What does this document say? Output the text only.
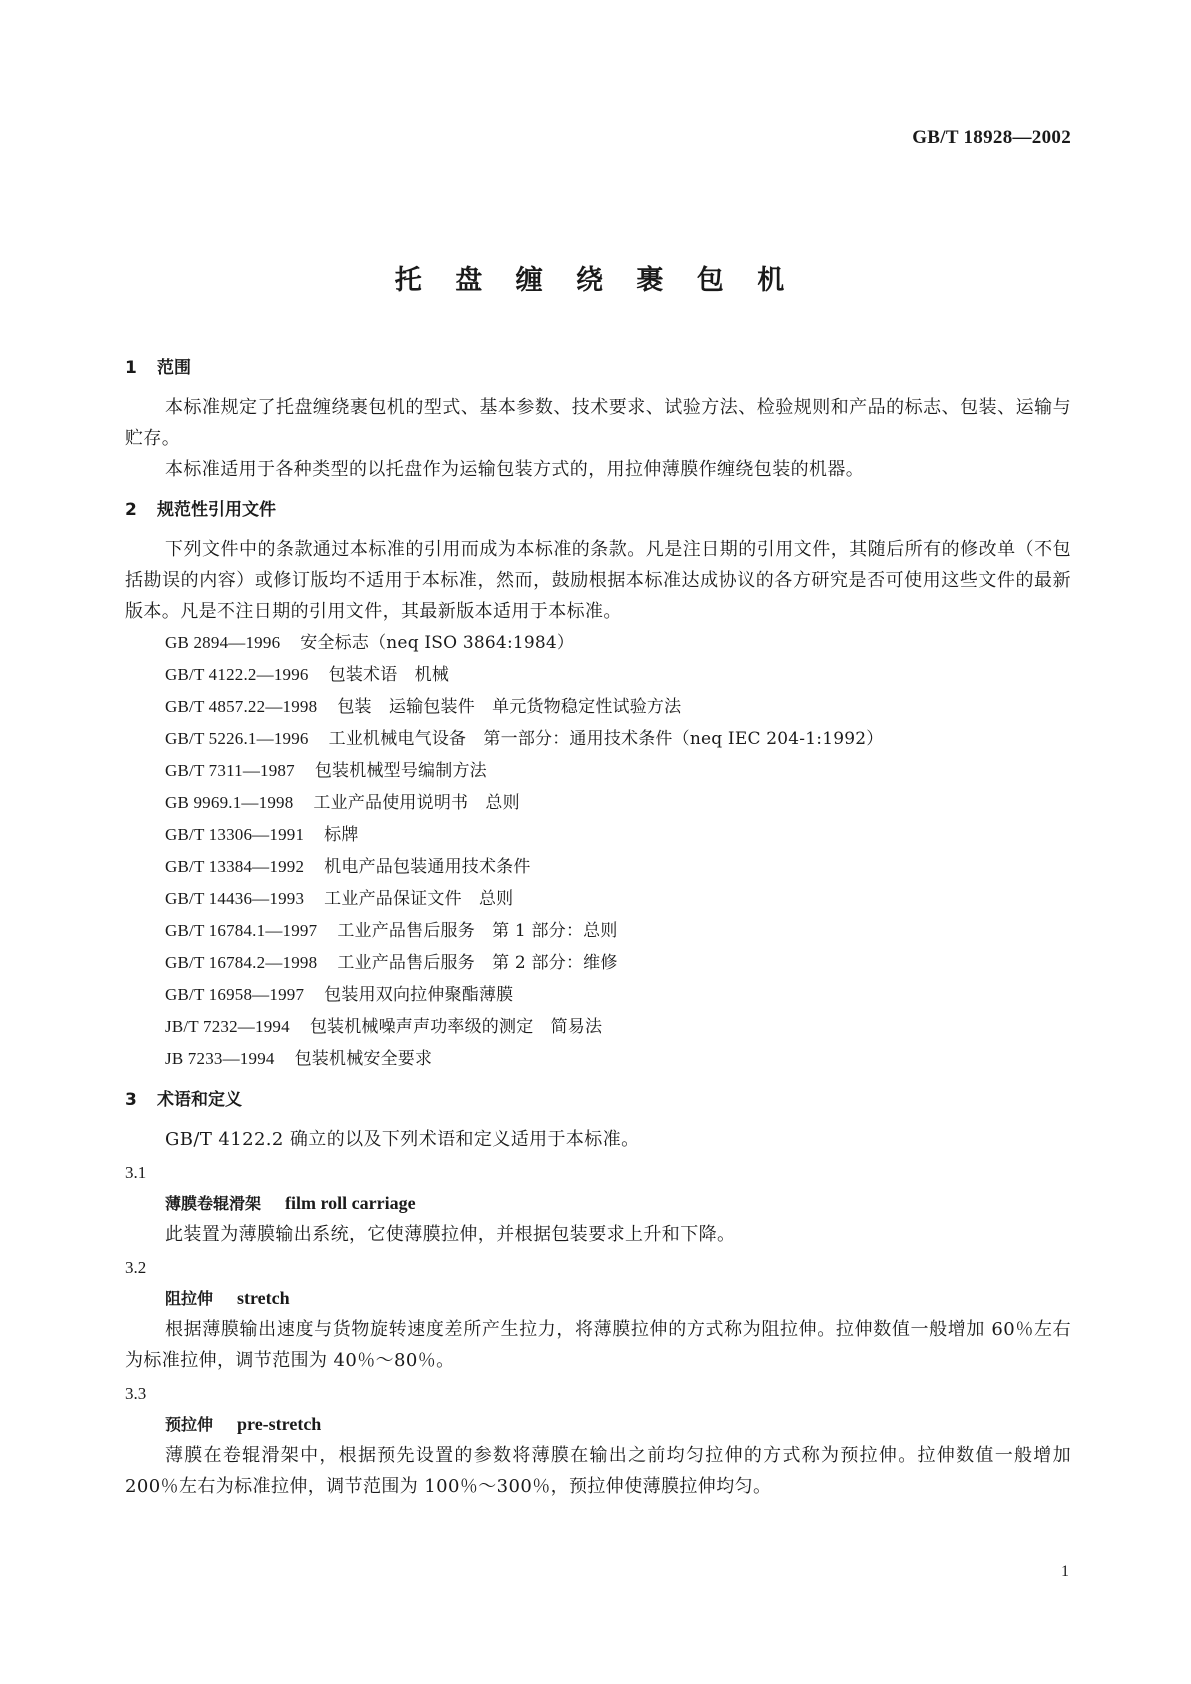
GB/T 18928—2002
托 盘 缠 绕 裹 包 机
1 范围
本标准规定了托盘缠绕裹包机的型式、基本参数、技术要求、试验方法、检验规则和产品的标志、包装、运输与贮存。
本标准适用于各种类型的以托盘作为运输包装方式的，用拉伸薄膜作缠绕包装的机器。
2 规范性引用文件
下列文件中的条款通过本标准的引用而成为本标准的条款。凡是注日期的引用文件，其随后所有的修改单（不包括勘误的内容）或修订版均不适用于本标准，然而，鼓励根据本标准达成协议的各方研究是否可使用这些文件的最新版本。凡是不注日期的引用文件，其最新版本适用于本标准。
GB 2894—1996 安全标志（neq ISO 3864:1984）
GB/T 4122.2—1996 包装术语　机械
GB/T 4857.22—1998 包装　运输包装件　单元货物稳定性试验方法
GB/T 5226.1—1996 工业机械电气设备　第一部分：通用技术条件（neq IEC 204-1:1992）
GB/T 7311—1987 包装机械型号编制方法
GB 9969.1—1998 工业产品使用说明书　总则
GB/T 13306—1991 标牌
GB/T 13384—1992 机电产品包装通用技术条件
GB/T 14436—1993 工业产品保证文件　总则
GB/T 16784.1—1997 工业产品售后服务　第 1 部分：总则
GB/T 16784.2—1998 工业产品售后服务　第 2 部分：维修
GB/T 16958—1997 包装用双向拉伸聚酯薄膜
JB/T 7232—1994 包装机械噪声声功率级的测定　简易法
JB 7233—1994 包装机械安全要求
3 术语和定义
GB/T 4122.2 确立的以及下列术语和定义适用于本标准。
3.1
薄膜卷辊滑架 film roll carriage
此装置为薄膜输出系统，它使薄膜拉伸，并根据包装要求上升和下降。
3.2
阻拉伸 stretch
根据薄膜输出速度与货物旋转速度差所产生拉力，将薄膜拉伸的方式称为阻拉伸。拉伸数值一般增加 60％左右为标准拉伸，调节范围为 40％～80％。
3.3
预拉伸 pre-stretch
薄膜在卷辊滑架中，根据预先设置的参数将薄膜在输出之前均匀拉伸的方式称为预拉伸。拉伸数值一般增加 200％左右为标准拉伸，调节范围为 100％～300％，预拉伸使薄膜拉伸均匀。
1
